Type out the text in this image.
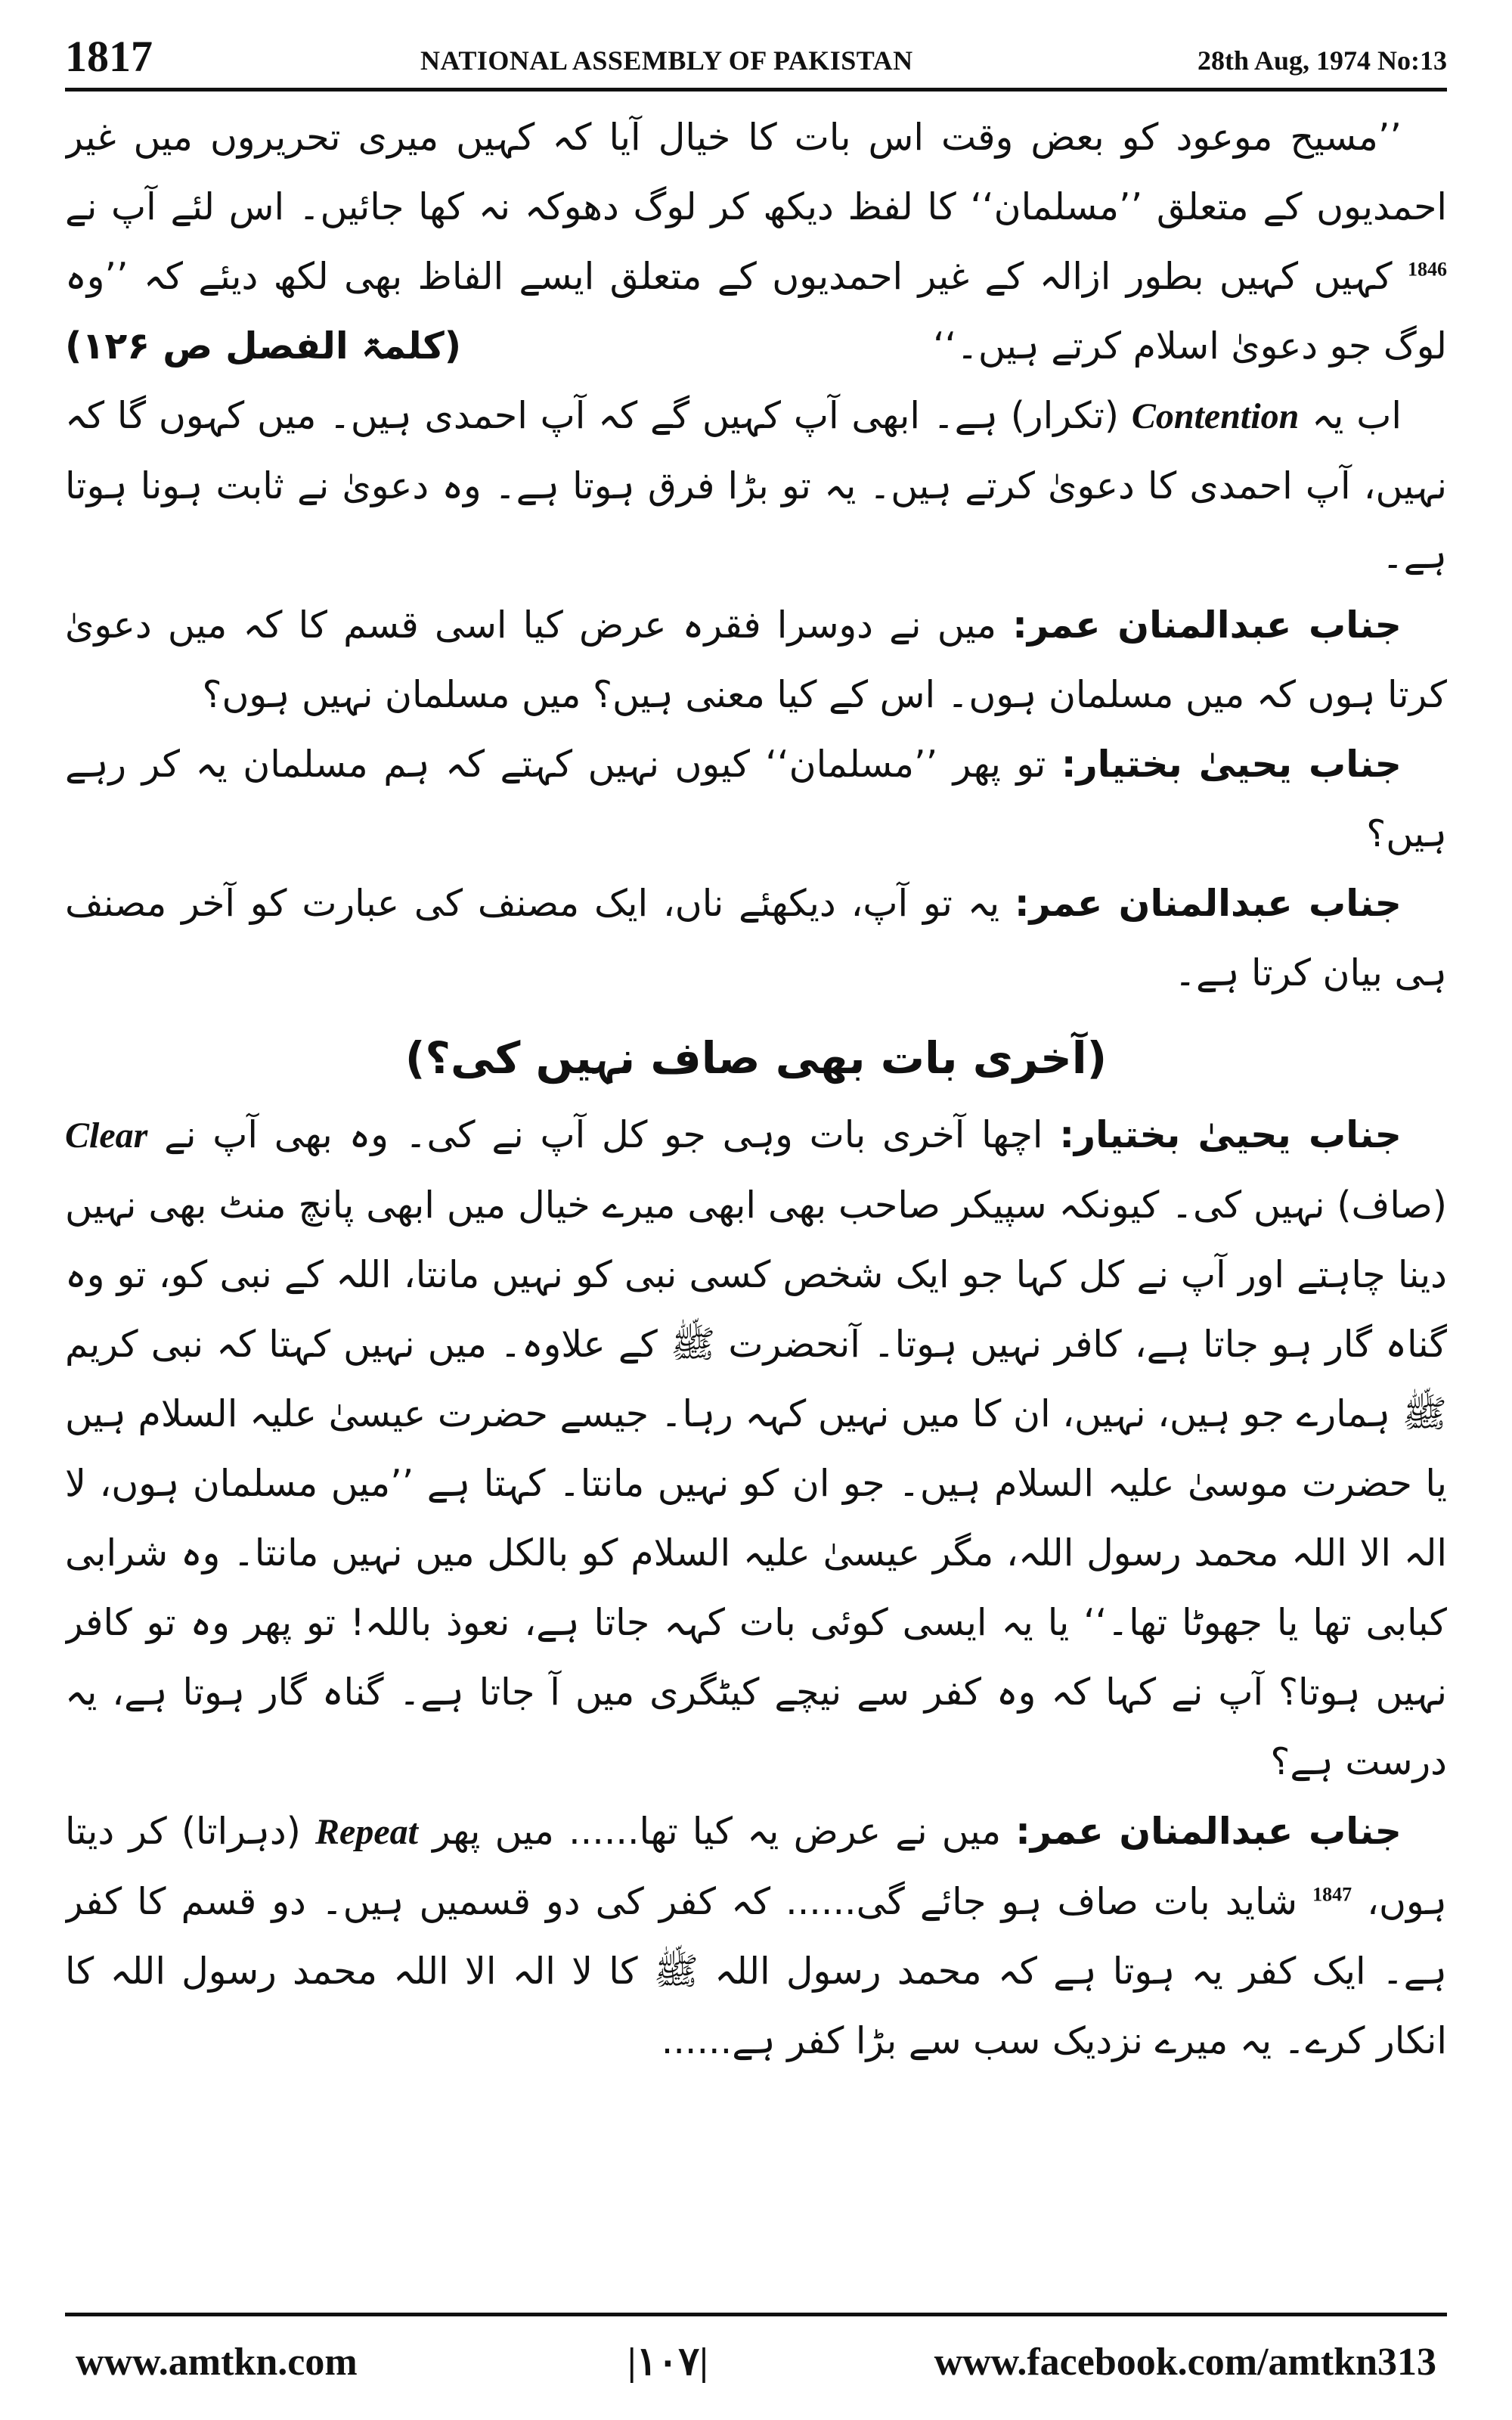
1817	NATIONAL ASSEMBLY OF PAKISTAN	28th Aug, 1974 No:13

’’مسیح موعود کو بعض وقت اس بات کا خیال آیا کہ کہیں میری تحریروں میں غیر احمدیوں کے متعلق ’’مسلمان‘‘ کا لفظ دیکھ کر لوگ دھوکہ نہ کھا جائیں۔ اس لئے آپ نے $^{1846}$ کہیں کہیں بطور ازالہ کے غیر احمدیوں کے متعلق ایسے الفاظ بھی لکھ دیئے کہ ’’وہ لوگ جو دعویٰ اسلام کرتے ہیں۔‘‘
(کلمۃ الفصل ص ۱۲۶)

اب یہ Contention (تکرار) ہے۔ ابھی آپ کہیں گے کہ آپ احمدی ہیں۔ میں کہوں گا کہ نہیں، آپ احمدی کا دعویٰ کرتے ہیں۔ یہ تو بڑا فرق ہوتا ہے۔ وہ دعویٰ نے ثابت ہونا ہوتا ہے۔

جناب عبدالمنان عمر: میں نے دوسرا فقرہ عرض کیا اسی قسم کا کہ میں دعویٰ کرتا ہوں کہ میں مسلمان ہوں۔ اس کے کیا معنی ہیں؟ میں مسلمان نہیں ہوں؟

جناب یحییٰ بختیار: تو پھر ’’مسلمان‘‘ کیوں نہیں کہتے کہ ہم مسلمان یہ کر رہے ہیں؟

جناب عبدالمنان عمر: یہ تو آپ، دیکھئے ناں، ایک مصنف کی عبارت کو آخر مصنف ہی بیان کرتا ہے۔

(آخری بات بھی صاف نہیں کی؟)

جناب یحییٰ بختیار: اچھا آخری بات وہی جو کل آپ نے کی۔ وہ بھی آپ نے Clear (صاف) نہیں کی۔ کیونکہ سپیکر صاحب بھی ابھی میرے خیال میں ابھی پانچ منٹ بھی نہیں دینا چاہتے اور آپ نے کل کہا جو ایک شخص کسی نبی کو نہیں مانتا، اللہ کے نبی کو، تو وہ گناہ گار ہو جاتا ہے، کافر نہیں ہوتا۔ آنحضرت ﷺ کے علاوہ۔ میں نہیں کہتا کہ نبی کریم ﷺ ہمارے جو ہیں، نہیں، ان کا میں نہیں کہہ رہا۔ جیسے حضرت عیسیٰ علیہ السلام ہیں یا حضرت موسیٰ علیہ السلام ہیں۔ جو ان کو نہیں مانتا۔ کہتا ہے ’’میں مسلمان ہوں، لا الہ الا اللہ محمد رسول اللہ، مگر عیسیٰ علیہ السلام کو بالکل میں نہیں مانتا۔ وہ شرابی کبابی تھا یا جھوٹا تھا۔‘‘ یا یہ ایسی کوئی بات کہہ جاتا ہے، نعوذ باللہ! تو پھر وہ تو کافر نہیں ہوتا؟ آپ نے کہا کہ وہ کفر سے نیچے کیٹگری میں آ جاتا ہے۔ گناہ گار ہوتا ہے، یہ درست ہے؟

جناب عبدالمنان عمر: میں نے عرض یہ کیا تھا...... میں پھر Repeat (دہراتا) کر دیتا ہوں، $^{1847}$ شاید بات صاف ہو جائے گی...... کہ کفر کی دو قسمیں ہیں۔ دو قسم کا کفر ہے۔ ایک کفر یہ ہوتا ہے کہ محمد رسول اللہ ﷺ کا لا الہ الا اللہ محمد رسول اللہ کا انکار کرے۔ یہ میرے نزدیک سب سے بڑا کفر ہے......

www.amtkn.com	|۱۰۷|	www.facebook.com/amtkn313
